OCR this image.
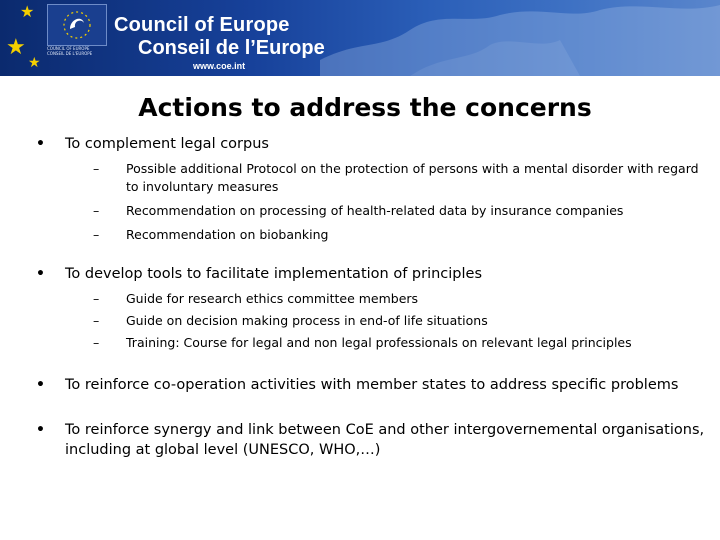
★
★
★
COUNCIL OF EUROPE
CONSEIL DE L'EUROPE
Council of Europe
Conseil de l’Europe
www.coe.int
Actions to address the concerns
• To complement legal corpus
– Possible additional Protocol on the protection of persons with a mental disorder with regard to involuntary measures
– Recommendation on processing of health-related data by insurance companies
– Recommendation on biobanking
• To develop tools to facilitate implementation of principles
– Guide for research ethics committee members
– Guide on decision making process in end-of life situations
– Training: Course for legal and non legal professionals on relevant legal principles
• To reinforce co-operation activities with member states to address specific problems
• To reinforce synergy and link between CoE and other intergovernemental organisations, including at global level (UNESCO, WHO,…)
